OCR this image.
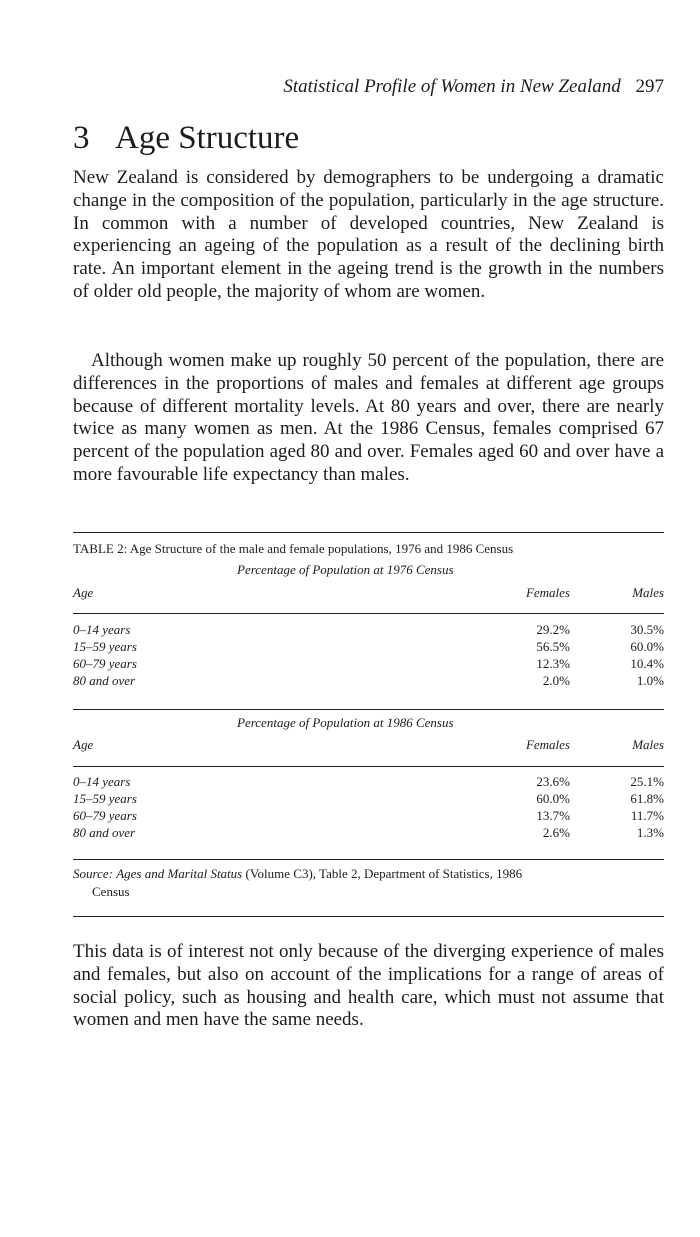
Statistical Profile of Women in New Zealand 297
3 Age Structure

New Zealand is considered by demographers to be undergoing a dramatic change in the composition of the population, particularly in the age structure. In common with a number of developed countries, New Zealand is experiencing an ageing of the population as a result of the declining birth rate. An important element in the ageing trend is the growth in the numbers of older old people, the majority of whom are women.

Although women make up roughly 50 percent of the population, there are differences in the proportions of males and females at different age groups because of different mortality levels. At 80 years and over, there are nearly twice as many women as men. At the 1986 Census, females comprised 67 percent of the population aged 80 and over. Females aged 60 and over have a more favourable life expectancy than males.

TABLE 2: Age Structure of the male and female populations, 1976 and 1986 Census
Percentage of Population at 1976 Census
Age	Females	Males
0–14 years	29.2%	30.5%
15–59 years	56.5%	60.0%
60–79 years	12.3%	10.4%
80 and over	2.0%	1.0%
Percentage of Population at 1986 Census
Age	Females	Males
0–14 years	23.6%	25.1%
15–59 years	60.0%	61.8%
60–79 years	13.7%	11.7%
80 and over	2.6%	1.3%
Source: Ages and Marital Status (Volume C3), Table 2, Department of Statistics, 1986
Census

This data is of interest not only because of the diverging experience of males and females, but also on account of the implications for a range of areas of social policy, such as housing and health care, which must not assume that women and men have the same needs.
